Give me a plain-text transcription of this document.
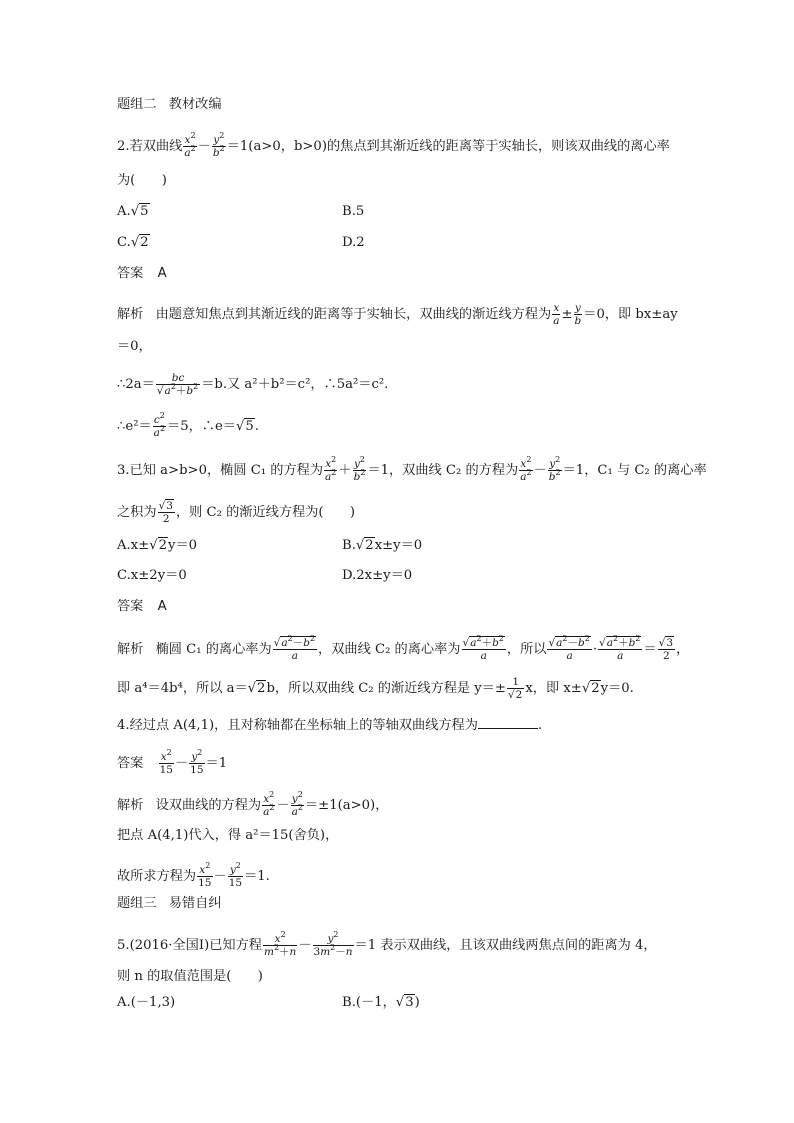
题组二 教材改编
2.若双曲线 $\frac{x^2}{a^2} - \frac{y^2}{b^2} =1(a>0$，b>0)的焦点到其渐近线的距离等于实轴长，则该双曲线的离心率
为(　　)
A. √ 5	B.5
C. √ 2	D.2
答案 A
解析 由题意知焦点到其渐近线的距离等于实轴长，双曲线的渐近线方程为 $\frac{x}{a} \pm \frac{y}{b} =0$，即 bx±ay
＝0，
∴2a＝ bc
√ $a^2+b^2 =b$.又 a²＋b²＝c²，∴5a²＝c².
∴e²＝ $\frac{c^2}{a^2} =5$，∴e＝ √ 5.
3.已知 a>b>0，椭圆 C₁ 的方程为 $\frac{x^2}{a^2} + \frac{y^2}{b^2} =1$，双曲线 C₂ 的方程为 $\frac{x^2}{a^2} - \frac{y^2}{b^2} =1$，C₁ 与 C₂ 的离心率
之积为 √ $\frac{3}{2}$ ，则 C₂ 的渐近线方程为(　　)
A.x± √ 2y＝0	B. √ 2x±y＝0
C.x±2y＝0	D.2x±y＝0
答案 A
解析 椭圆 C₁ 的离心率为 √ $\frac{a^2-b^2}{a}$ ，双曲线 C₂ 的离心率为 √ $\frac{a^2+b^2}{a}$ ，所以 √ $\frac{a^2-b^2}{a}$ · √ $\frac{a^2+b^2}{a}$ ＝ √ $\frac{3}{2}$ ，
即 a⁴＝4b⁴，所以 a＝ √ 2b，所以双曲线 C₂ 的渐近线方程是 y＝± 1
√ 2 x，即 x± √ 2y＝0.
4.经过点 A(4,1)，且对称轴都在坐标轴上的等轴双曲线方程为	.
答案 $\frac{x^2}{15} - \frac{y^2}{15} =1$
解析 设双曲线的方程为 $\frac{x^2}{a^2} - \frac{y^2}{a^2} =\pm 1(a>0)$，
把点 A(4,1)代入，得 a²＝15(舍负)，
故所求方程为 $\frac{x^2}{15} - \frac{y^2}{15} =1$.
题组三 易错自纠
5.(2016·全国Ⅰ)已知方程 $\frac{x^2}{m^2+n} - \frac{y^2}{3m^2-n} =1$ 表示双曲线，且该双曲线两焦点间的距离为 4，
则 n 的取值范围是(　　)
A.(－1,3)	B.(－1， √ 3)
